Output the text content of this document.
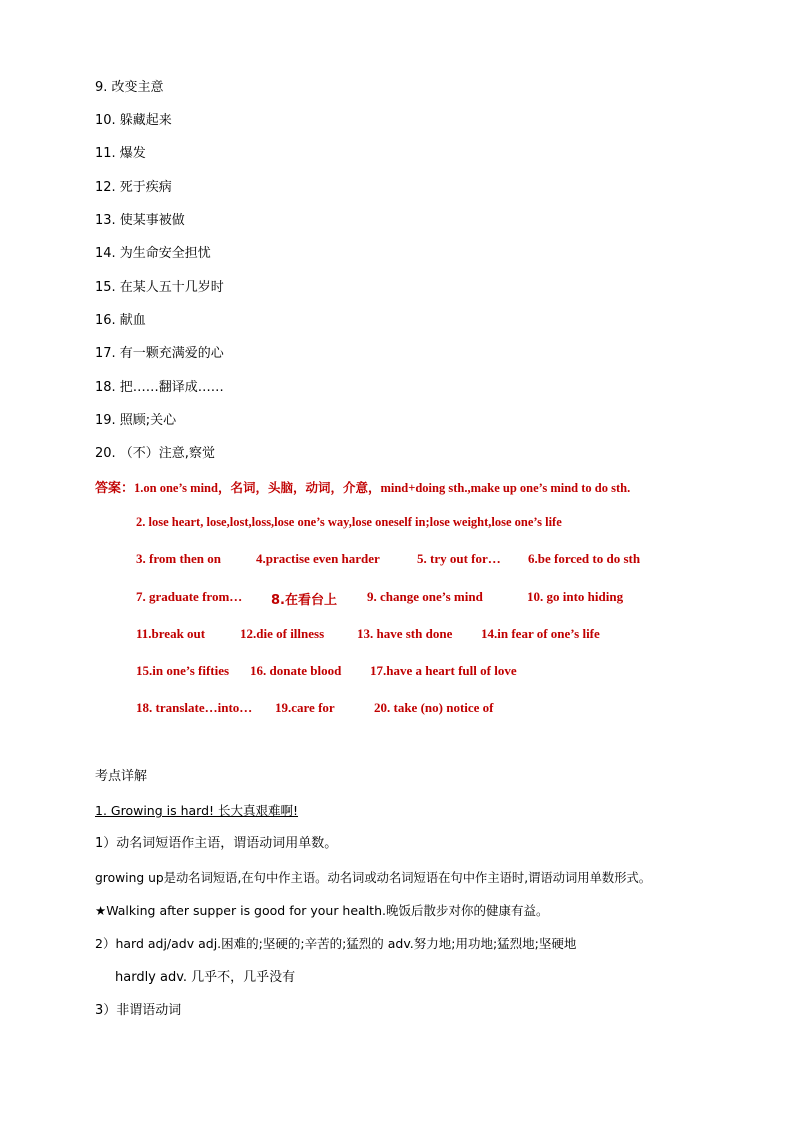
9. 改变主意
10. 躲藏起来
11. 爆发
12. 死于疾病
13. 使某事被做
14. 为生命安全担忧
15. 在某人五十几岁时
16. 献血
17. 有一颗充满爱的心
18. 把……翻译成……
19. 照顾;关心
20. （不）注意,察觉
答案：1.on one’s mind，名词，头脑，动词，介意，mind+doing sth.,make up one’s mind to do sth.
2. lose heart, lose,lost,loss,lose one’s way,lose oneself in;lose weight,lose one’s life
3. from then on	4.practise even harder	5. try out for… 6.be forced to do sth
7. graduate from… 8.在看台上 9. change one’s mind	10. go into hiding
11.break out	12.die of illness	13. have sth done 14.in fear of one’s life
15.in one’s fifties 16. donate blood 17.have a heart full of love
18. translate…into… 19.care for	20. take (no) notice of
考点详解
1. Growing is hard! 长大真艰难啊!
1）动名词短语作主语，谓语动词用单数。
growing up是动名词短语,在句中作主语。动名词或动名词短语在句中作主语时,谓语动词用单数形式。
★Walking after supper is good for your health.晚饭后散步对你的健康有益。
2）hard adj/adv adj.困难的;坚硬的;辛苦的;猛烈的 adv.努力地;用功地;猛烈地;坚硬地
hardly adv. 几乎不，几乎没有
3）非谓语动词
